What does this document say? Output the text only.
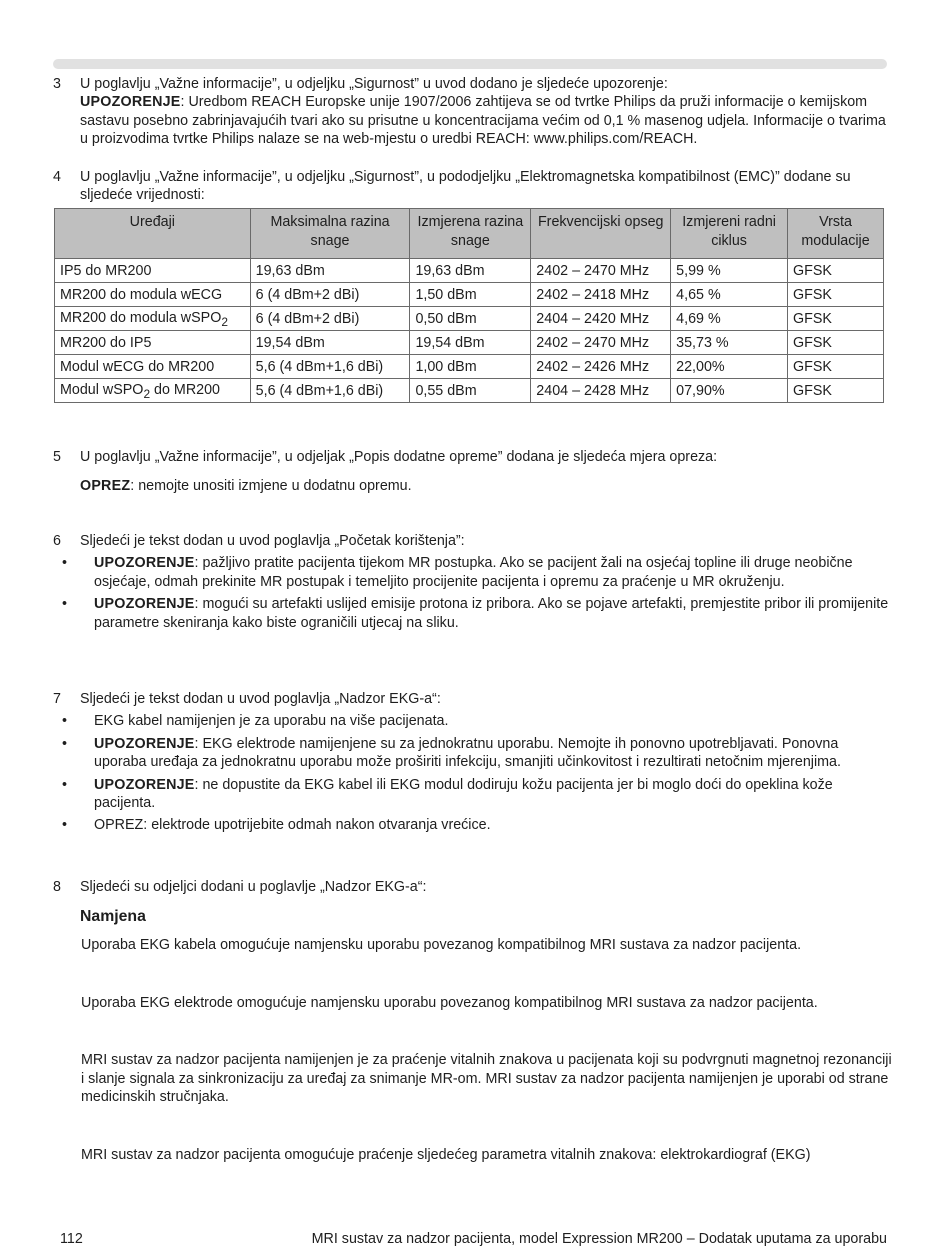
3	U poglavlju „Važne informacije”, u odjeljku „Sigurnost” u uvod dodano je sljedeće upozorenje:
UPOZORENJE: Uredbom REACH Europske unije 1907/2006 zahtijeva se od tvrtke Philips da pruži informacije o kemijskom sastavu posebno zabrinjavajućih tvari ako su prisutne u koncentracijama većim od 0,1 % masenog udjela. Informacije o tvarima u proizvodima tvrtke Philips nalaze se na web-mjestu o uredbi REACH: www.philips.com/REACH.
4	U poglavlju „Važne informacije”, u odjeljku „Sigurnost”, u pododjeljku „Elektromagnetska kompatibilnost (EMC)” dodane su sljedeće vrijednosti:
Uređaji	Maksimalna razina snage	Izmjerena razina snage	Frekvencijski opseg	Izmjereni radni ciklus	Vrsta modulacije
IP5 do MR200	19,63 dBm	19,63 dBm	2402 – 2470 MHz	5,99 %	GFSK
MR200 do modula wECG	6 (4 dBm+2 dBi)	1,50 dBm	2402 – 2418 MHz	4,65 %	GFSK
MR200 do modula wSPO$_2$	6 (4 dBm+2 dBi)	0,50 dBm	2404 – 2420 MHz	4,69 %	GFSK
MR200 do IP5	19,54 dBm	19,54 dBm	2402 – 2470 MHz	35,73 %	GFSK
Modul wECG do MR200	5,6 (4 dBm+1,6 dBi)	1,00 dBm	2402 – 2426 MHz	22,00%	GFSK
Modul wSPO$_2$ do MR200	5,6 (4 dBm+1,6 dBi)	0,55 dBm	2404 – 2428 MHz	07,90%	GFSK
5	U poglavlju „Važne informacije”, u odjeljak „Popis dodatne opreme” dodana je sljedeća mjera opreza:
OPREZ: nemojte unositi izmjene u dodatnu opremu.
6	Sljedeći je tekst dodan u uvod poglavlja „Početak korištenja”:
• UPOZORENJE: pažljivo pratite pacijenta tijekom MR postupka. Ako se pacijent žali na osjećaj topline ili druge neobične osjećaje, odmah prekinite MR postupak i temeljito procijenite pacijenta i opremu za praćenje u MR okruženju.
• UPOZORENJE: mogući su artefakti uslijed emisije protona iz pribora. Ako se pojave artefakti, premjestite pribor ili promijenite parametre skeniranja kako biste ograničili utjecaj na sliku.
7	Sljedeći je tekst dodan u uvod poglavlja „Nadzor EKG-a“:
• EKG kabel namijenjen je za uporabu na više pacijenata.
• UPOZORENJE: EKG elektrode namijenjene su za jednokratnu uporabu. Nemojte ih ponovno upotrebljavati. Ponovna uporaba uređaja za jednokratnu uporabu može proširiti infekciju, smanjiti učinkovitost i rezultirati netočnim mjerenjima.
• UPOZORENJE: ne dopustite da EKG kabel ili EKG modul dodiruju kožu pacijenta jer bi moglo doći do opeklina kože pacijenta.
• OPREZ: elektrode upotrijebite odmah nakon otvaranja vrećice.
8	Sljedeći su odjeljci dodani u poglavlje „Nadzor EKG-a“:
Namjena
Uporaba EKG kabela omogućuje namjensku uporabu povezanog kompatibilnog MRI sustava za nadzor pacijenta.
Uporaba EKG elektrode omogućuje namjensku uporabu povezanog kompatibilnog MRI sustava za nadzor pacijenta.
MRI sustav za nadzor pacijenta namijenjen je za praćenje vitalnih znakova u pacijenata koji su podvrgnuti magnetnoj rezonanciji i slanje signala za sinkronizaciju za uređaj za snimanje MR-om. MRI sustav za nadzor pacijenta namijenjen je uporabi od strane medicinskih stručnjaka.
MRI sustav za nadzor pacijenta omogućuje praćenje sljedećeg parametra vitalnih znakova: elektrokardiograf (EKG)
112	MRI sustav za nadzor pacijenta, model Expression MR200 – Dodatak uputama za uporabu
